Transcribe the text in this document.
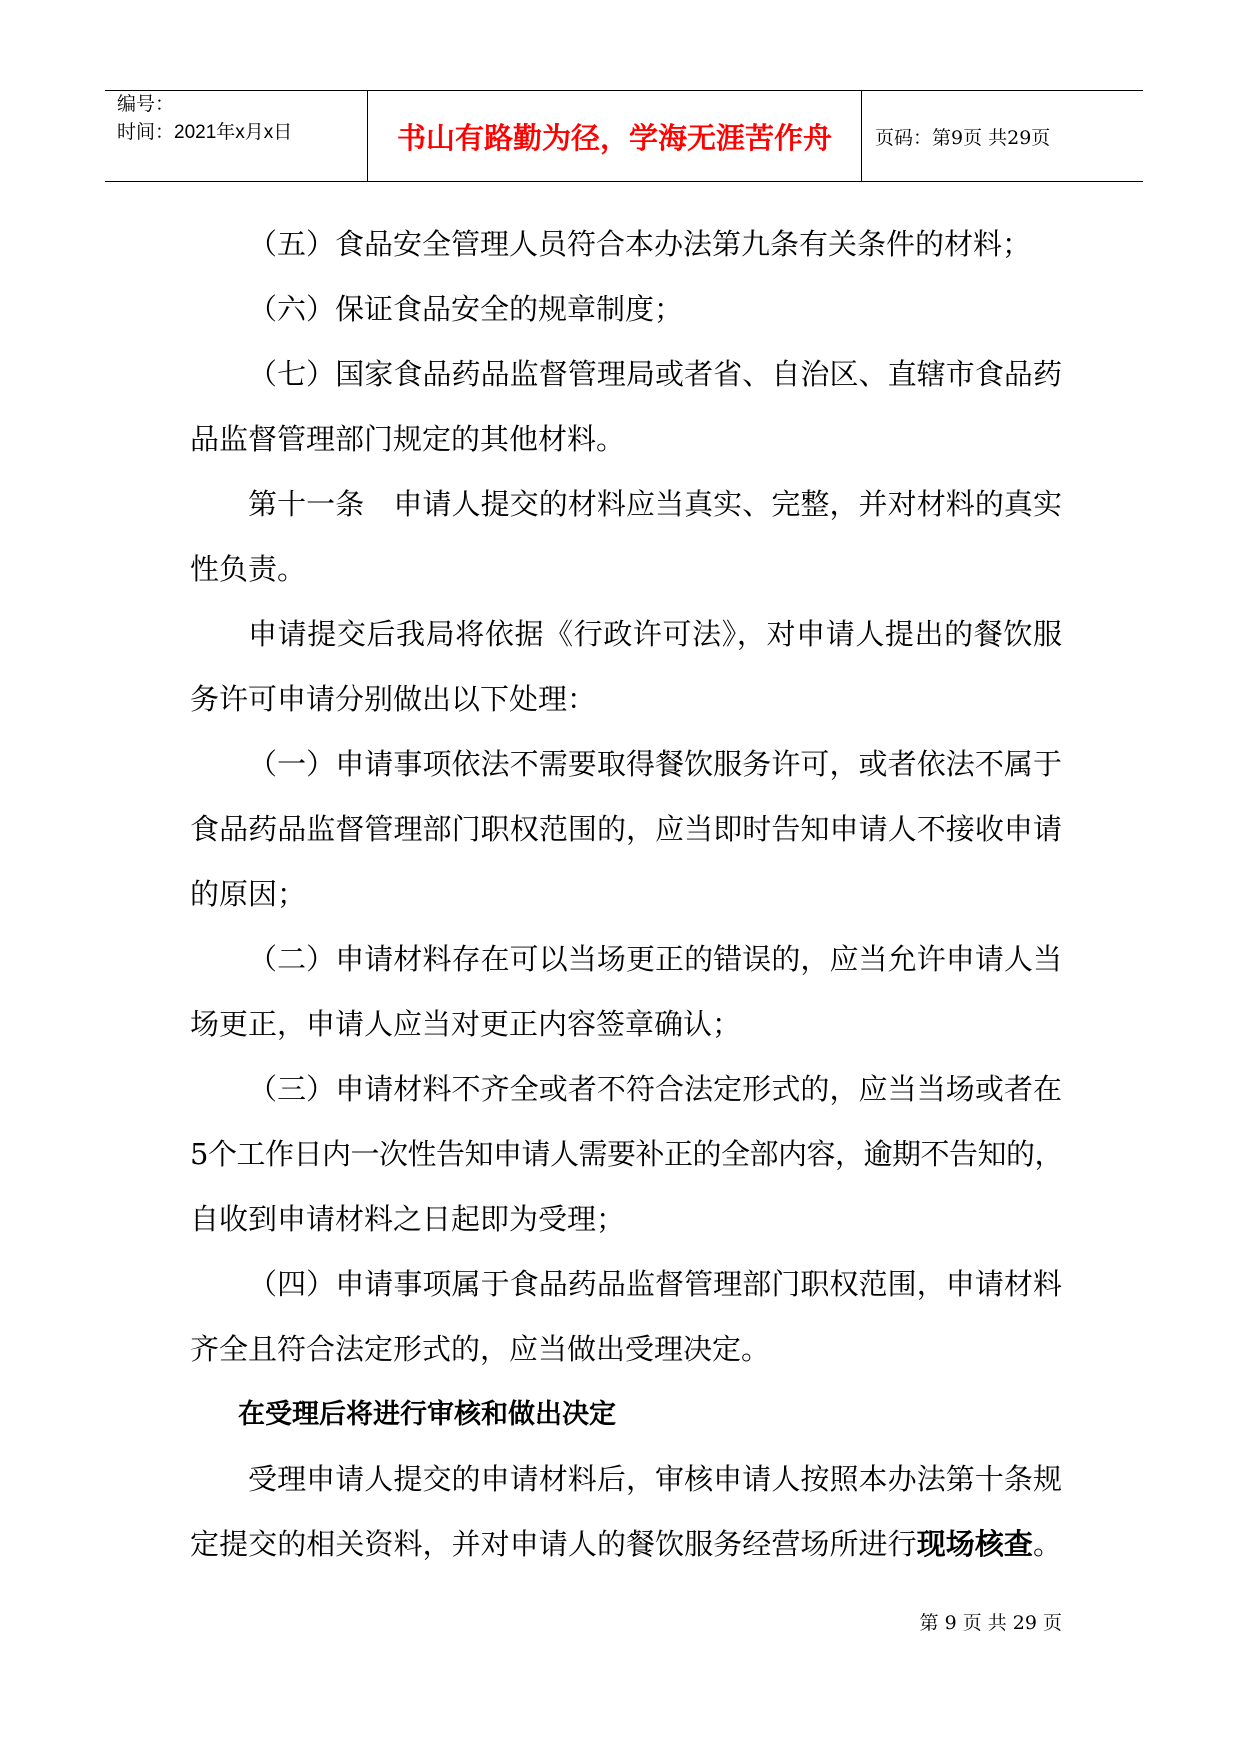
编号：
时间：2021年x月x日	书山有路勤为径，学海无涯苦作舟 页码：第9页 共29页
（五）食品安全管理人员符合本办法第九条有关条件的材料；
（六）保证食品安全的规章制度；
（七）国家食品药品监督管理局或者省、自治区、直辖市食品药
品监督管理部门规定的其他材料。
第十一条　申请人提交的材料应当真实、完整，并对材料的真实
性负责。
申请提交后我局将依据《行政许可法》，对申请人提出的餐饮服
务许可申请分别做出以下处理：
（一）申请事项依法不需要取得餐饮服务许可，或者依法不属于
食品药品监督管理部门职权范围的，应当即时告知申请人不接收申请
的原因；
（二）申请材料存在可以当场更正的错误的，应当允许申请人当
场更正，申请人应当对更正内容签章确认；
（三）申请材料不齐全或者不符合法定形式的，应当当场或者在
5个工作日内一次性告知申请人需要补正的全部内容，逾期不告知的，
自收到申请材料之日起即为受理；
（四）申请事项属于食品药品监督管理部门职权范围，申请材料
齐全且符合法定形式的，应当做出受理决定。
在受理后将进行审核和做出决定
受理申请人提交的申请材料后，审核申请人按照本办法第十条规
定提交的相关资料，并对申请人的餐饮服务经营场所进行现场核查。
第 9 页 共 29 页
